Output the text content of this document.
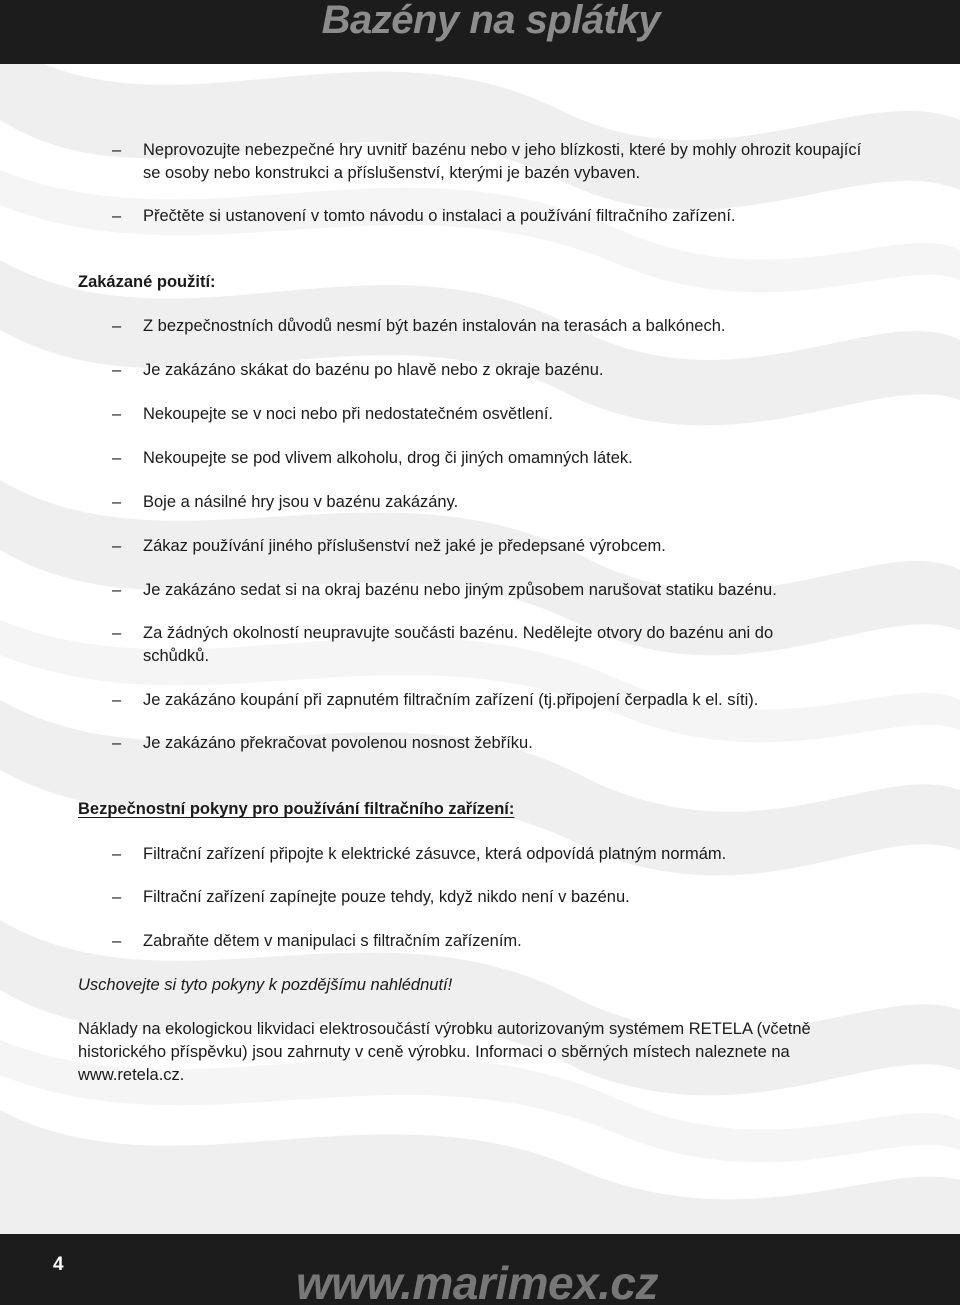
Bazény na splátky
– Neprovozujte nebezpečné hry uvnitř bazénu nebo v jeho blízkosti, které by mohly ohrozit koupající se osoby nebo konstrukci a příslušenství, kterými je bazén vybaven.
– Přečtěte si ustanovení v tomto návodu o instalaci a používání filtračního zařízení.
Zakázané použití:
– Z bezpečnostních důvodů nesmí být bazén instalován na terasách a balkónech.
– Je zakázáno skákat do bazénu po hlavě nebo z okraje bazénu.
– Nekoupejte se v noci nebo při nedostatečném osvětlení.
– Nekoupejte se pod vlivem alkoholu, drog či jiných omamných látek.
– Boje a násilné hry jsou v bazénu zakázány.
– Zákaz používání jiného příslušenství než jaké je předepsané výrobcem.
– Je zakázáno sedat si na okraj bazénu nebo jiným způsobem narušovat statiku bazénu.
– Za žádných okolností neupravujte součásti bazénu. Nedělejte otvory do bazénu ani do schůdků.
– Je zakázáno koupání při zapnutém filtračním zařízení (tj.připojení čerpadla k el. síti).
– Je zakázáno překračovat povolenou nosnost žebříku.
Bezpečnostní pokyny pro používání filtračního zařízení:
– Filtrační zařízení připojte k elektrické zásuvce, která odpovídá platným normám.
– Filtrační zařízení zapínejte pouze tehdy, když nikdo není v bazénu.
– Zabraňte dětem v manipulaci s filtračním zařízením.
Uschovejte si tyto pokyny k pozdějšímu nahlédnutí!
Náklady na ekologickou likvidaci elektrosoučástí výrobku autorizovaným systémem RETELA (včetně historického příspěvku) jsou zahrnuty v ceně výrobku. Informaci o sběrných místech naleznete na www.retela.cz.
4	www.marimex.cz
